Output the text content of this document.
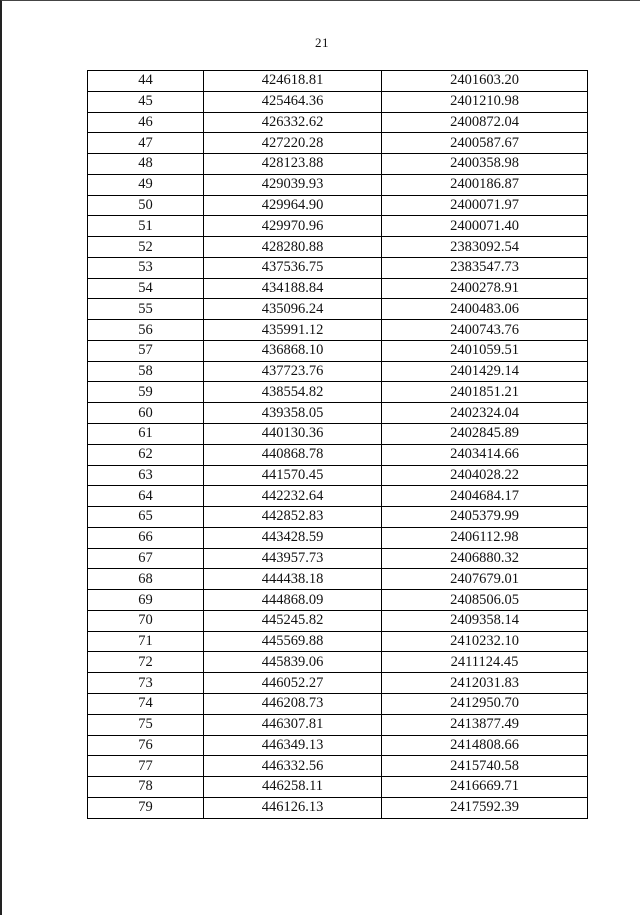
21
44	424618.81	2401603.20
45	425464.36	2401210.98
46	426332.62	2400872.04
47	427220.28	2400587.67
48	428123.88	2400358.98
49	429039.93	2400186.87
50	429964.90	2400071.97
51	429970.96	2400071.40
52	428280.88	2383092.54
53	437536.75	2383547.73
54	434188.84	2400278.91
55	435096.24	2400483.06
56	435991.12	2400743.76
57	436868.10	2401059.51
58	437723.76	2401429.14
59	438554.82	2401851.21
60	439358.05	2402324.04
61	440130.36	2402845.89
62	440868.78	2403414.66
63	441570.45	2404028.22
64	442232.64	2404684.17
65	442852.83	2405379.99
66	443428.59	2406112.98
67	443957.73	2406880.32
68	444438.18	2407679.01
69	444868.09	2408506.05
70	445245.82	2409358.14
71	445569.88	2410232.10
72	445839.06	2411124.45
73	446052.27	2412031.83
74	446208.73	2412950.70
75	446307.81	2413877.49
76	446349.13	2414808.66
77	446332.56	2415740.58
78	446258.11	2416669.71
79	446126.13	2417592.39
